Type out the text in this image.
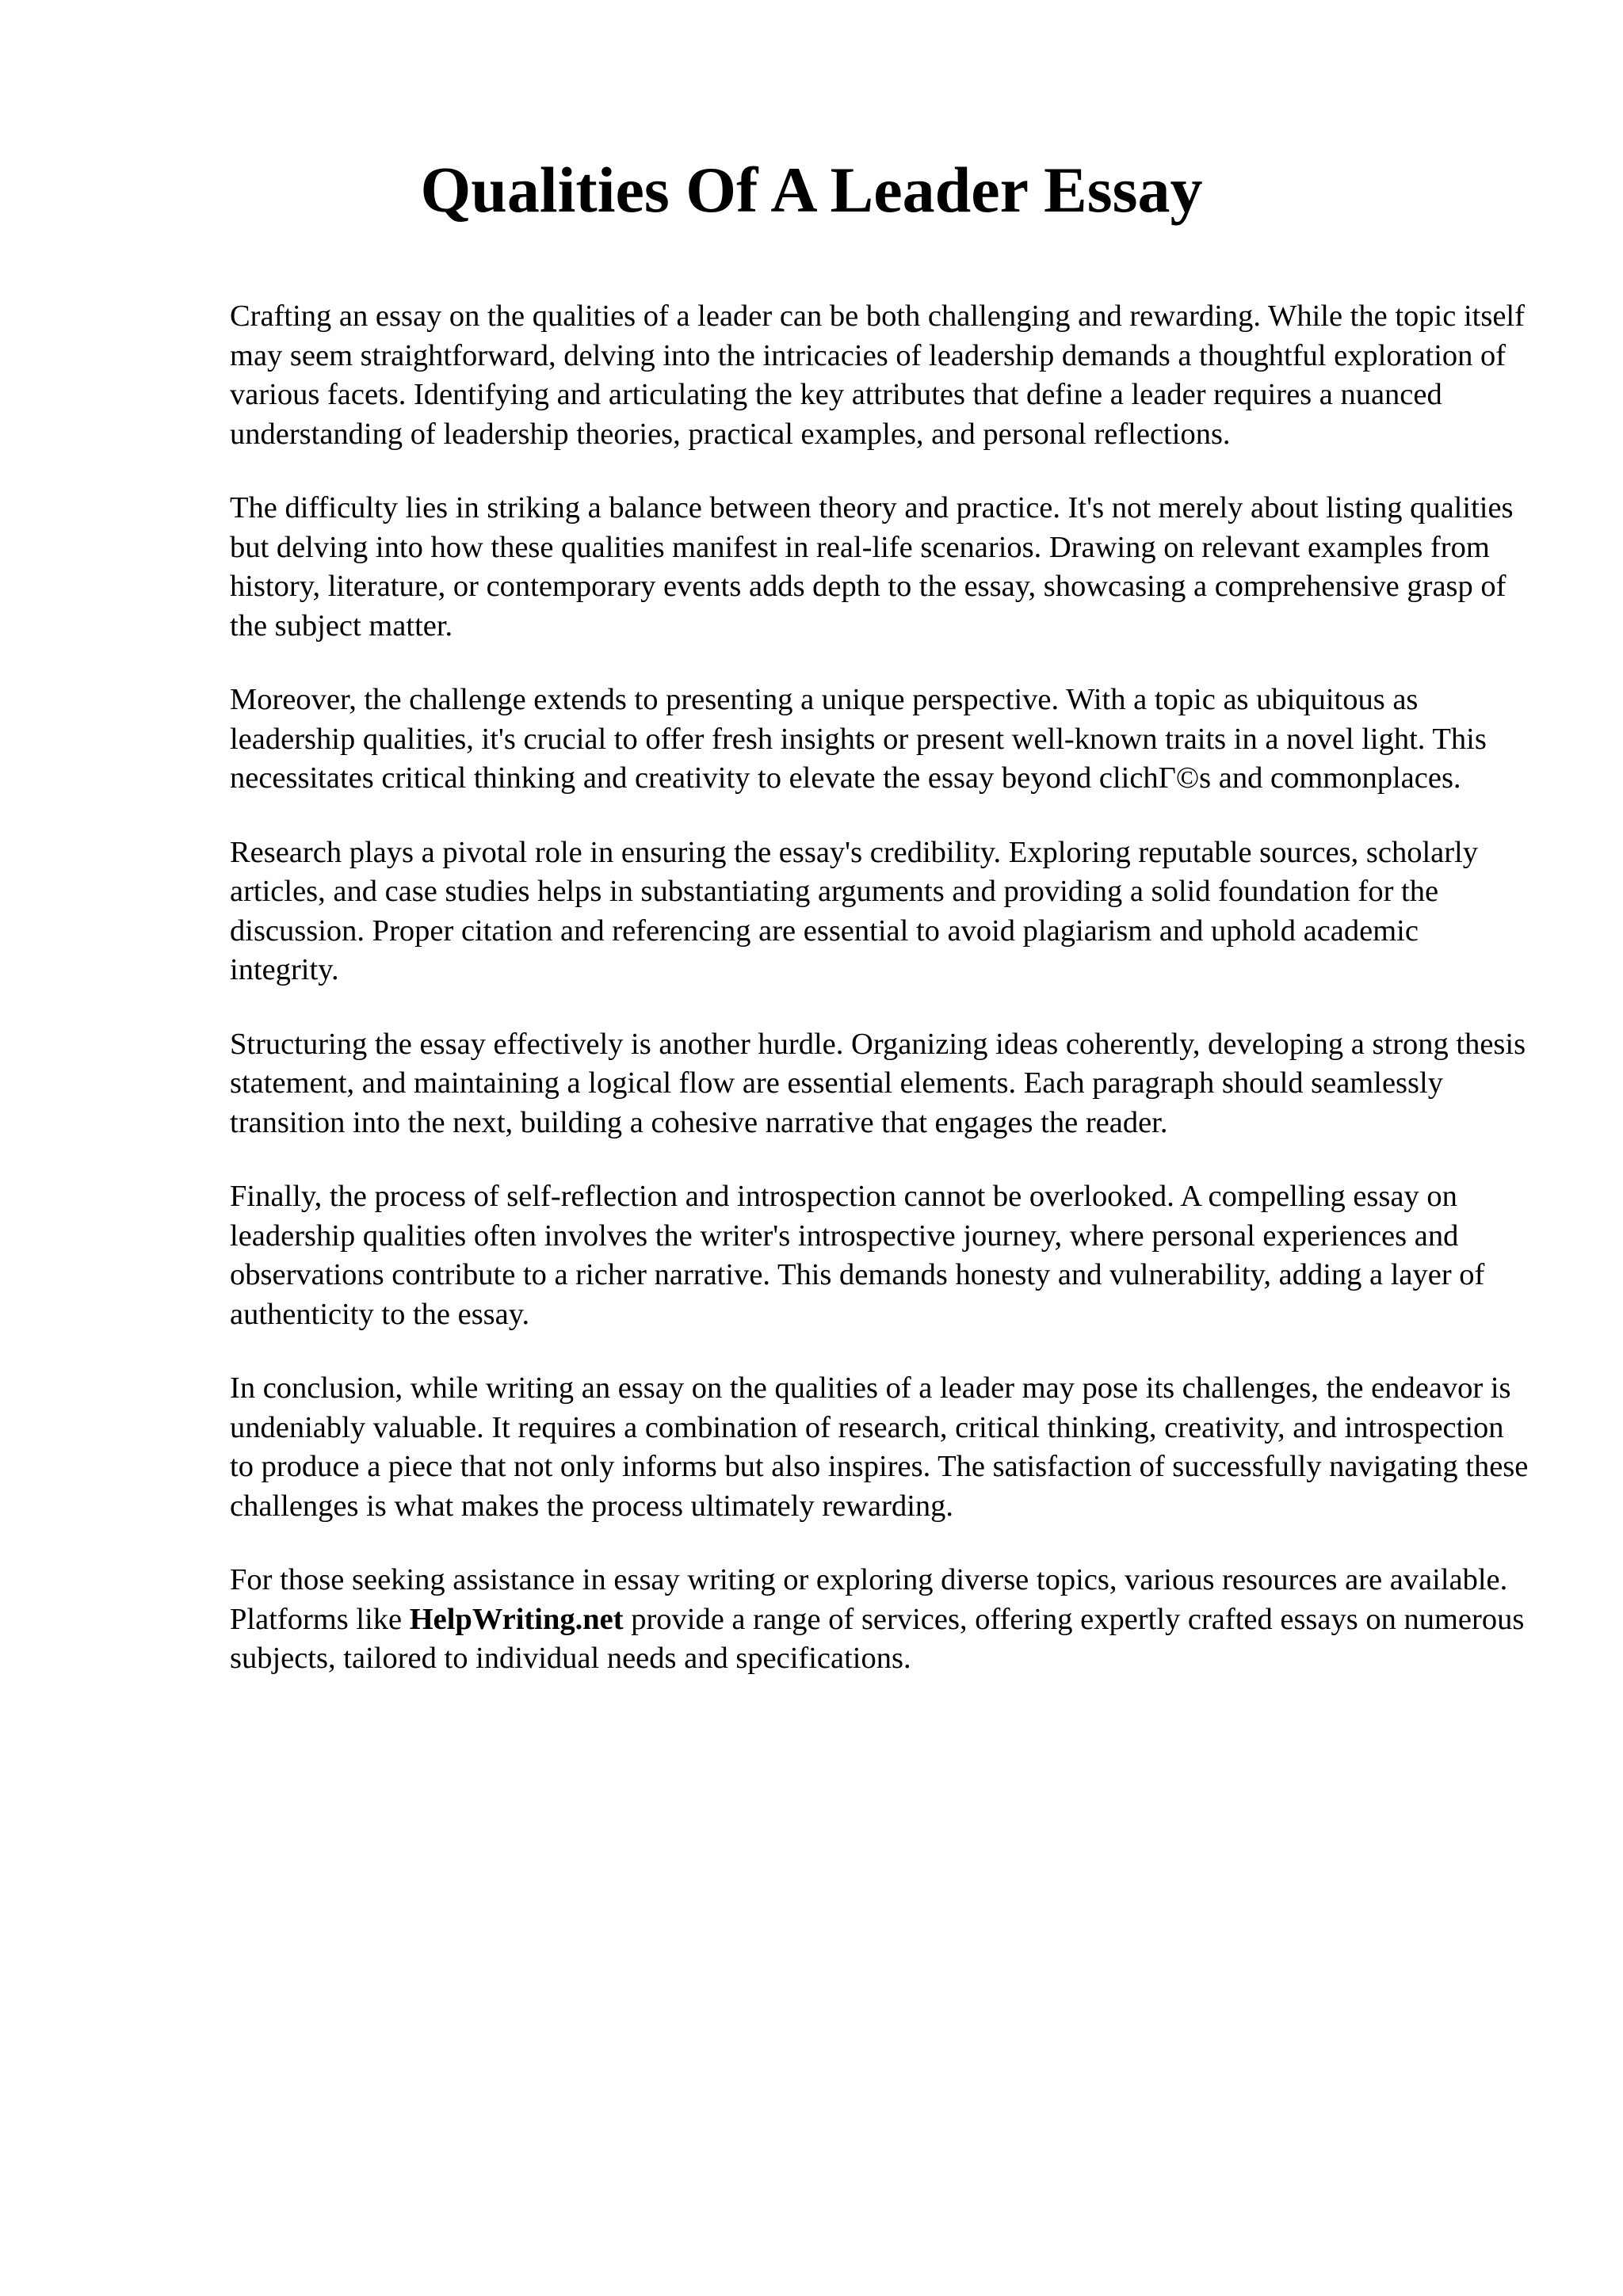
Qualities Of A Leader Essay

Crafting an essay on the qualities of a leader can be both challenging and rewarding. While the topic itself may seem straightforward, delving into the intricacies of leadership demands a thoughtful exploration of various facets. Identifying and articulating the key attributes that define a leader requires a nuanced understanding of leadership theories, practical examples, and personal reflections.

The difficulty lies in striking a balance between theory and practice. It's not merely about listing qualities but delving into how these qualities manifest in real-life scenarios. Drawing on relevant examples from history, literature, or contemporary events adds depth to the essay, showcasing a comprehensive grasp of the subject matter.

Moreover, the challenge extends to presenting a unique perspective. With a topic as ubiquitous as leadership qualities, it's crucial to offer fresh insights or present well-known traits in a novel light. This necessitates critical thinking and creativity to elevate the essay beyond clichГ©s and commonplaces.

Research plays a pivotal role in ensuring the essay's credibility. Exploring reputable sources, scholarly articles, and case studies helps in substantiating arguments and providing a solid foundation for the discussion. Proper citation and referencing are essential to avoid plagiarism and uphold academic integrity.

Structuring the essay effectively is another hurdle. Organizing ideas coherently, developing a strong thesis statement, and maintaining a logical flow are essential elements. Each paragraph should seamlessly transition into the next, building a cohesive narrative that engages the reader.

Finally, the process of self-reflection and introspection cannot be overlooked. A compelling essay on leadership qualities often involves the writer's introspective journey, where personal experiences and observations contribute to a richer narrative. This demands honesty and vulnerability, adding a layer of authenticity to the essay.

In conclusion, while writing an essay on the qualities of a leader may pose its challenges, the endeavor is undeniably valuable. It requires a combination of research, critical thinking, creativity, and introspection to produce a piece that not only informs but also inspires. The satisfaction of successfully navigating these challenges is what makes the process ultimately rewarding.

For those seeking assistance in essay writing or exploring diverse topics, various resources are available. Platforms like HelpWriting.net provide a range of services, offering expertly crafted essays on numerous subjects, tailored to individual needs and specifications.
